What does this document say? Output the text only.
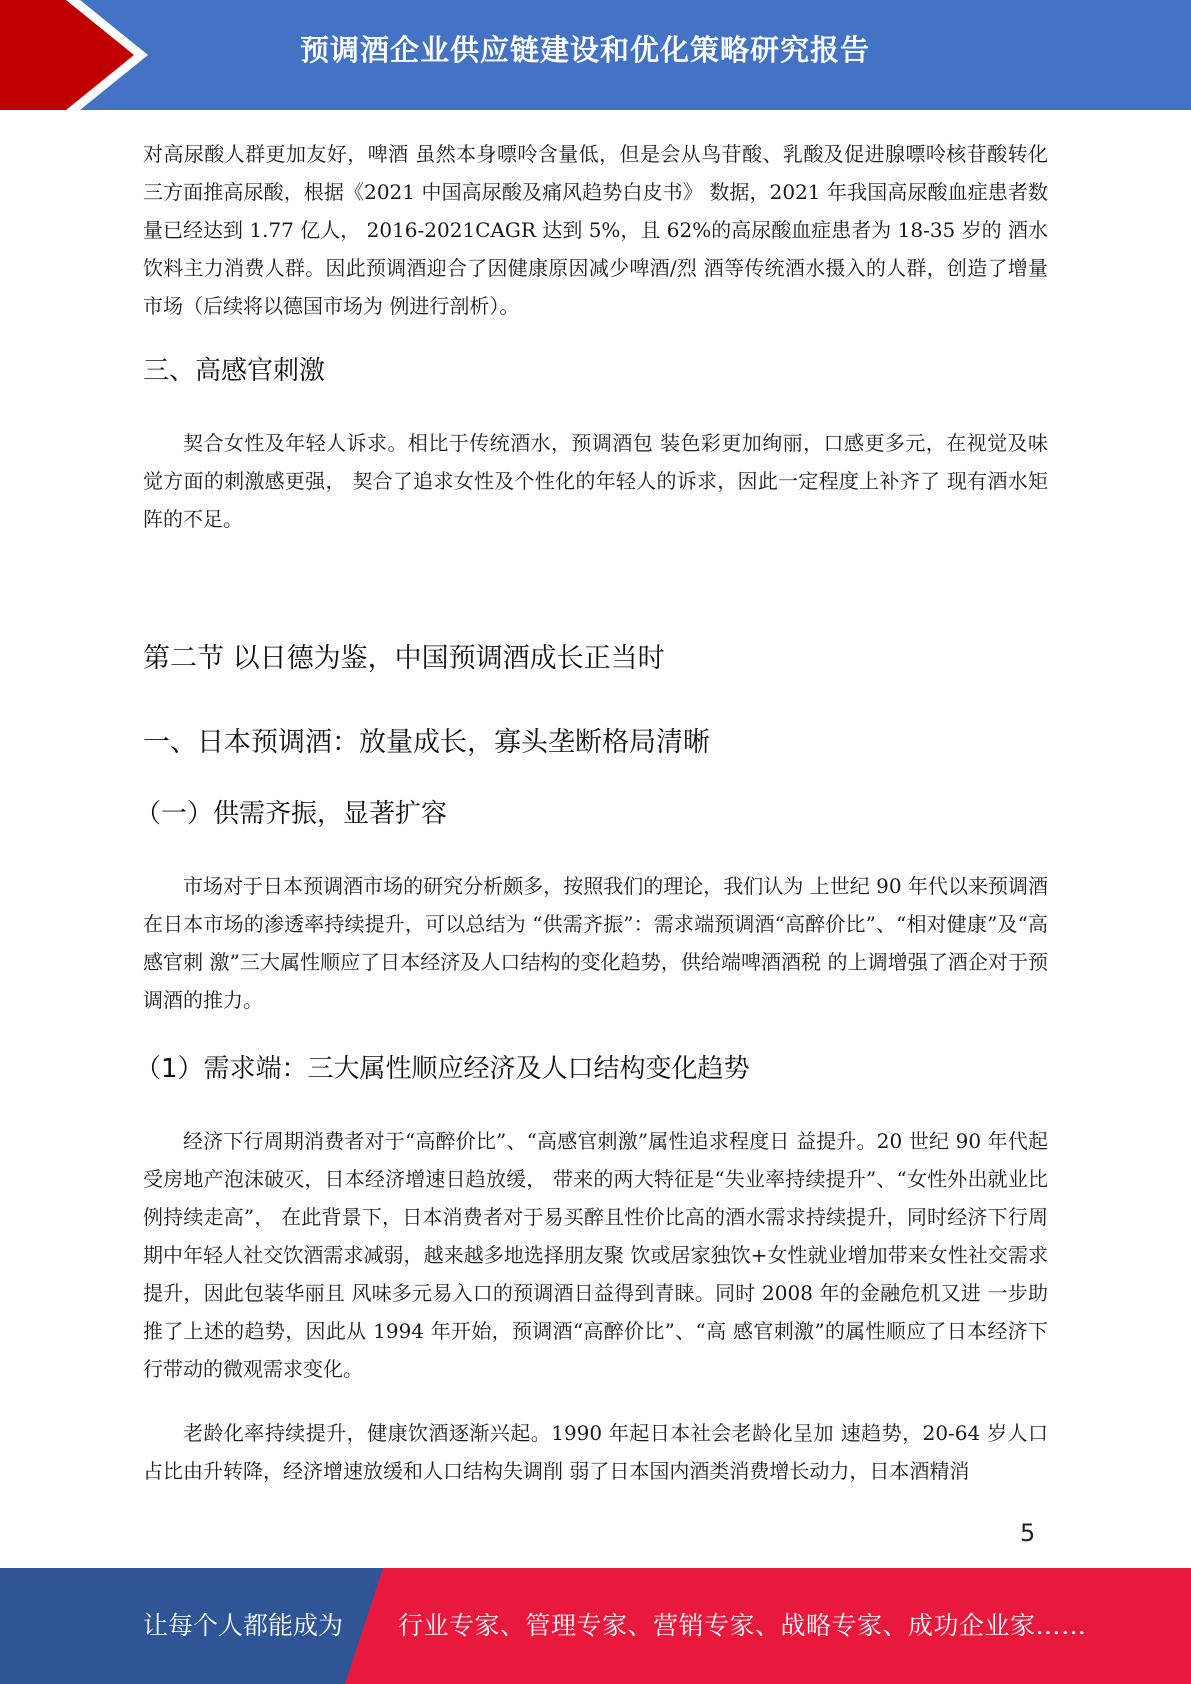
预调酒企业供应链建设和优化策略研究报告

对高尿酸人群更加友好，啤酒 虽然本身嘌呤含量低，但是会从鸟苷酸、乳酸及促进腺嘌呤核苷酸转化三方面推高尿酸，根据《2021 中国高尿酸及痛风趋势白皮书》 数据，2021 年我国高尿酸血症患者数量已经达到 1.77 亿人， 2016-2021CAGR 达到 5%，且 62%的高尿酸血症患者为 18-35 岁的 酒水饮料主力消费人群。因此预调酒迎合了因健康原因减少啤酒/烈 酒等传统酒水摄入的人群，创造了增量市场（后续将以德国市场为 例进行剖析）。

三、高感官刺激

契合女性及年轻人诉求。相比于传统酒水，预调酒包 装色彩更加绚丽，口感更多元，在视觉及味觉方面的刺激感更强， 契合了追求女性及个性化的年轻人的诉求，因此一定程度上补齐了 现有酒水矩阵的不足。

第二节 以日德为鉴，中国预调酒成长正当时
一、日本预调酒：放量成长，寡头垄断格局清晰
（一）供需齐振，显著扩容

市场对于日本预调酒市场的研究分析颇多，按照我们的理论，我们认为 上世纪 90 年代以来预调酒在日本市场的渗透率持续提升，可以总结为 “供需齐振”：需求端预调酒“高醉价比”、“相对健康”及“高感官刺 激”三大属性顺应了日本经济及人口结构的变化趋势，供给端啤酒酒税 的上调增强了酒企对于预调酒的推力。

（1）需求端：三大属性顺应经济及人口结构变化趋势

经济下行周期消费者对于“高醉价比”、“高感官刺激”属性追求程度日 益提升。20 世纪 90 年代起受房地产泡沫破灭，日本经济增速日趋放缓， 带来的两大特征是“失业率持续提升”、“女性外出就业比例持续走高”， 在此背景下，日本消费者对于易买醉且性价比高的酒水需求持续提升，同时经济下行周期中年轻人社交饮酒需求减弱，越来越多地选择朋友聚 饮或居家独饮+女性就业增加带来女性社交需求提升，因此包装华丽且 风味多元易入口的预调酒日益得到青睐。同时 2008 年的金融危机又进 一步助推了上述的趋势，因此从 1994 年开始，预调酒“高醉价比”、“高 感官刺激”的属性顺应了日本经济下行带动的微观需求变化。

老龄化率持续提升，健康饮酒逐渐兴起。1990 年起日本社会老龄化呈加 速趋势，20-64 岁人口占比由升转降，经济增速放缓和人口结构失调削 弱了日本国内酒类消费增长动力，日本酒精消

5
让每个人都能成为 行业专家、管理专家、营销专家、战略专家、成功企业家……
